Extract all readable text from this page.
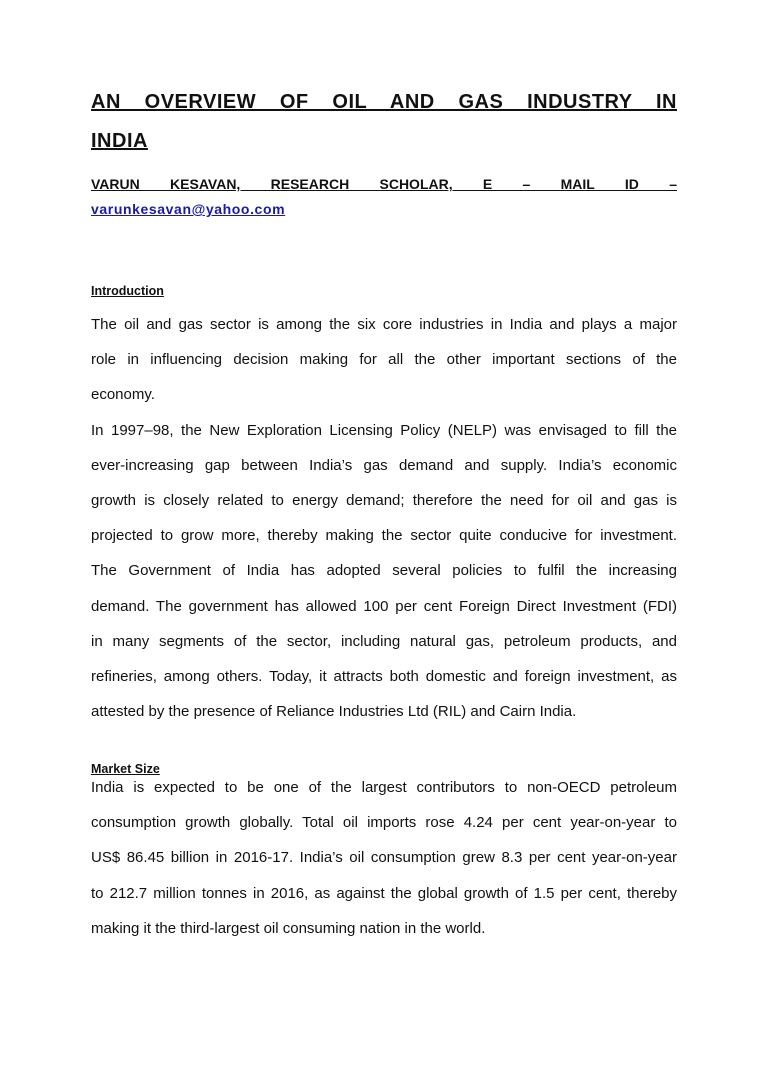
AN OVERVIEW OF OIL AND GAS INDUSTRY IN
INDIA
VARUN KESAVAN, RESEARCH SCHOLAR, E – MAIL ID –
varunkesavan@yahoo.com
Introduction
The oil and gas sector is among the six core industries in India and plays a major
role in influencing decision making for all the other important sections of the
economy.
In 1997–98, the New Exploration Licensing Policy (NELP) was envisaged to fill the
ever-increasing gap between India’s gas demand and supply. India’s economic
growth is closely related to energy demand; therefore the need for oil and gas is
projected to grow more, thereby making the sector quite conducive for investment.
The Government of India has adopted several policies to fulfil the increasing
demand. The government has allowed 100 per cent Foreign Direct Investment (FDI)
in many segments of the sector, including natural gas, petroleum products, and
refineries, among others. Today, it attracts both domestic and foreign investment, as
attested by the presence of Reliance Industries Ltd (RIL) and Cairn India.
Market Size
India is expected to be one of the largest contributors to non-OECD petroleum
consumption growth globally. Total oil imports rose 4.24 per cent year-on-year to
US$ 86.45 billion in 2016-17. India’s oil consumption grew 8.3 per cent year-on-year
to 212.7 million tonnes in 2016, as against the global growth of 1.5 per cent, thereby
making it the third-largest oil consuming nation in the world.
